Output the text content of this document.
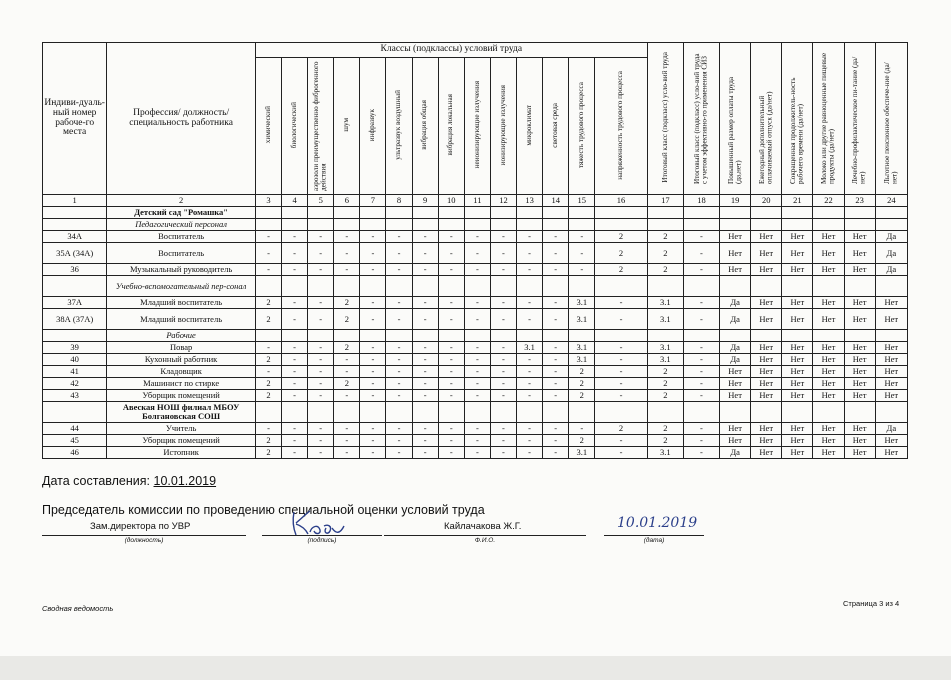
Индиви-дуаль-ный номер рабоче-го места	Профессия/ должность/ специальность работника	Классы (подклассы) условий труда														Итоговый класс (подкласс) усло-вий труда	Итоговый класс (подкласс) усло-вий труда с учетом эффективно-го применения СИЗ	Повышенный размер оплаты труда (да,нет)	Ежегодный дополнительный оплачиваемый отпуск (да/нет)	Сокращенная продолжитель-ность рабочего времени (да/нет)	Молоко или другие равноценные пищевые продукты (да/нет)	Лечебно-профилактическое пи-тание (да/нет)	Льготное пенсионное обеспече-ние (да/нет)
		химический	биологический	аэрозоли преимущественно фиброгенного действия	шум	инфразвук	ультразвук воздушный	вибрация общая	вибрация локальная	неионизирующие излучения	ионизирующие излучения	микроклимат	световая среда	тяжесть трудового процесса	напряженность трудового процесса								
1	2	3	4	5	6	7	8	9	10	11	12	13	14	15	16	17	18	19	20	21	22	23	24
	Детский сад "Ромашка"																						
	Педагогический персонал																						
34А	Воспитатель	-	-	-	-	-	-	-	-	-	-	-	-	-	2	2	-	Нет	Нет	Нет	Нет	Нет	Да
35А (34А)	Воспитатель	-	-	-	-	-	-	-	-	-	-	-	-	-	2	2	-	Нет	Нет	Нет	Нет	Нет	Да
36	Музыкальный руководитель	-	-	-	-	-	-	-	-	-	-	-	-	-	2	2	-	Нет	Нет	Нет	Нет	Нет	Да
	Учебно-вспомогательный пер-сонал																						
37А	Младший воспитатель	2	-	-	2	-	-	-	-	-	-	-	-	3.1	-	3.1	-	Да	Нет	Нет	Нет	Нет	Нет
38А (37А)	Младший воспитатель	2	-	-	2	-	-	-	-	-	-	-	-	3.1	-	3.1	-	Да	Нет	Нет	Нет	Нет	Нет
	Рабочие																						
39	Повар	-	-	-	2	-	-	-	-	-	-	3.1	-	3.1	-	3.1	-	Да	Нет	Нет	Нет	Нет	Нет
40	Кухонный работник	2	-	-	-	-	-	-	-	-	-	-	-	3.1	-	3.1	-	Да	Нет	Нет	Нет	Нет	Нет
41	Кладовщик	-	-	-	-	-	-	-	-	-	-	-	-	2	-	2	-	Нет	Нет	Нет	Нет	Нет	Нет
42	Машинист по стирке	2	-	-	2	-	-	-	-	-	-	-	-	2	-	2	-	Нет	Нет	Нет	Нет	Нет	Нет
43	Уборщик помещений	2	-	-	-	-	-	-	-	-	-	-	-	2	-	2	-	Нет	Нет	Нет	Нет	Нет	Нет
	Авеская НОШ филиал МБОУ Болгановская СОШ																						
44	Учитель	-	-	-	-	-	-	-	-	-	-	-	-	-	2	2	-	Нет	Нет	Нет	Нет	Нет	Да
45	Уборщик помещений	2	-	-	-	-	-	-	-	-	-	-	-	2	-	2	-	Нет	Нет	Нет	Нет	Нет	Нет
46	Истопник	2	-	-	-	-	-	-	-	-	-	-	-	3.1	-	3.1	-	Да	Нет	Нет	Нет	Нет	Нет
Дата составления: 10.01.2019
Председатель комиссии по проведению специальной оценки условий труда
Зам.директора по УВР
(должность)	(подпись)
Кайлачакова Ж.Г.
Ф.И.О.
10.01.2019
(дата)
Сводная ведомость
Страница 3 из 4
